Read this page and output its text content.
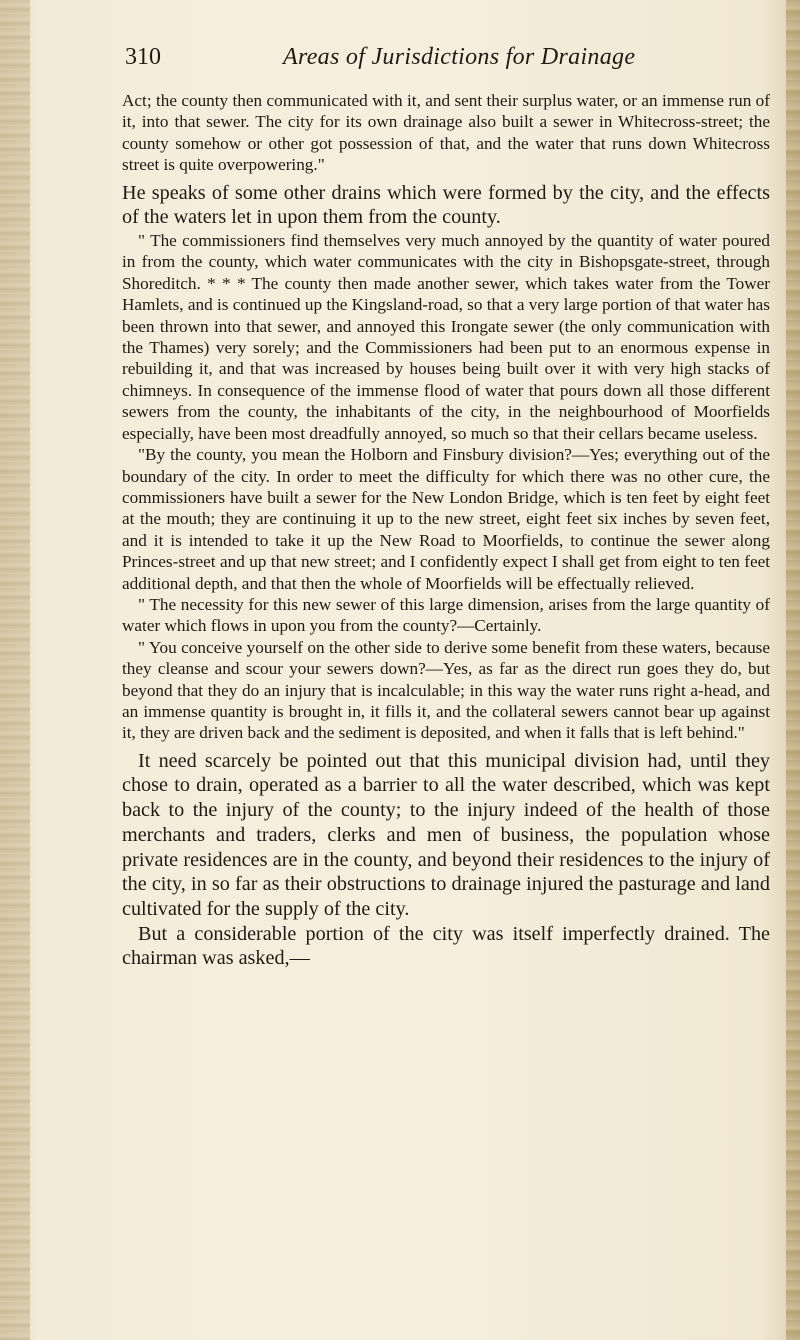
310	Areas of Jurisdictions for Drainage

Act; the county then communicated with it, and sent their surplus water, or an immense run of it, into that sewer. The city for its own drainage also built a sewer in Whitecross-street; the county somehow or other got possession of that, and the water that runs down Whitecross street is quite overpowering."

He speaks of some other drains which were formed by the city, and the effects of the waters let in upon them from the county.

" The commissioners find themselves very much annoyed by the quantity of water poured in from the county, which water communicates with the city in Bishopsgate-street, through Shoreditch. * * * The county then made another sewer, which takes water from the Tower Hamlets, and is continued up the Kingsland-road, so that a very large portion of that water has been thrown into that sewer, and annoyed this Irongate sewer (the only communication with the Thames) very sorely; and the Commissioners had been put to an enormous expense in rebuilding it, and that was increased by houses being built over it with very high stacks of chimneys. In consequence of the immense flood of water that pours down all those different sewers from the county, the inhabitants of the city, in the neighbourhood of Moorfields especially, have been most dreadfully annoyed, so much so that their cellars became useless.

"By the county, you mean the Holborn and Finsbury division?—Yes; everything out of the boundary of the city. In order to meet the difficulty for which there was no other cure, the commissioners have built a sewer for the New London Bridge, which is ten feet by eight feet at the mouth; they are continuing it up to the new street, eight feet six inches by seven feet, and it is intended to take it up the New Road to Moorfields, to continue the sewer along Princes-street and up that new street; and I confidently expect I shall get from eight to ten feet additional depth, and that then the whole of Moorfields will be effectually relieved.

" The necessity for this new sewer of this large dimension, arises from the large quantity of water which flows in upon you from the county?—Certainly.

" You conceive yourself on the other side to derive some benefit from these waters, because they cleanse and scour your sewers down?—Yes, as far as the direct run goes they do, but beyond that they do an injury that is incalculable; in this way the water runs right a-head, and an immense quantity is brought in, it fills it, and the collateral sewers cannot bear up against it, they are driven back and the sediment is deposited, and when it falls that is left behind."

It need scarcely be pointed out that this municipal division had, until they chose to drain, operated as a barrier to all the water described, which was kept back to the injury of the county; to the injury indeed of the health of those merchants and traders, clerks and men of business, the population whose private residences are in the county, and beyond their residences to the injury of the city, in so far as their obstructions to drainage injured the pasturage and land cultivated for the supply of the city.

But a considerable portion of the city was itself imperfectly drained. The chairman was asked,—
